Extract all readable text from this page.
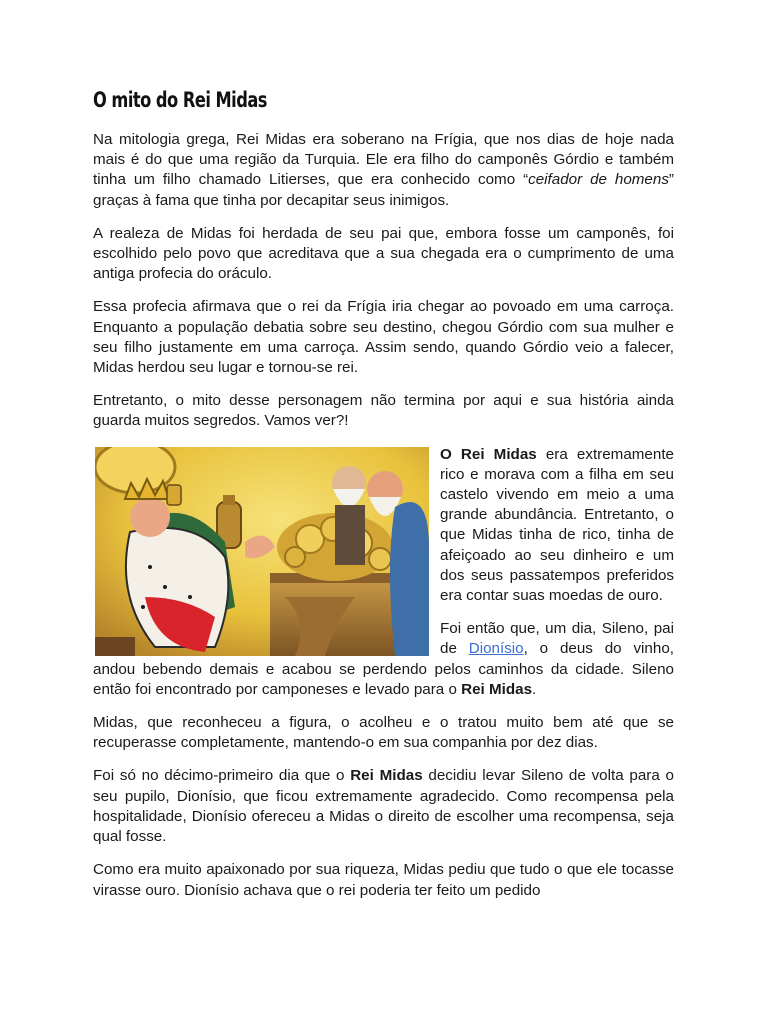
O mito do Rei Midas

Na mitologia grega, Rei Midas era soberano na Frígia, que nos dias de hoje nada mais é do que uma região da Turquia. Ele era filho do camponês Górdio e também tinha um filho chamado Litierses, que era conhecido como “ceifador de homens” graças à fama que tinha por decapitar seus inimigos.

A realeza de Midas foi herdada de seu pai que, embora fosse um camponês, foi escolhido pelo povo que acreditava que a sua chegada era o cumprimento de uma antiga profecia do oráculo.

Essa profecia afirmava que o rei da Frígia iria chegar ao povoado em uma carroça. Enquanto a população debatia sobre seu destino, chegou Górdio com sua mulher e seu filho justamente em uma carroça. Assim sendo, quando Górdio veio a falecer, Midas herdou seu lugar e tornou-se rei.

Entretanto, o mito desse personagem não termina por aqui e sua história ainda guarda muitos segredos. Vamos ver?!

O Rei Midas era extremamente rico e morava com a filha em seu castelo vivendo em meio a uma grande abundância. Entretanto, o que Midas tinha de rico, tinha de afeiçoado ao seu dinheiro e um dos seus passatempos preferidos era contar suas moedas de ouro.

Foi então que, um dia, Sileno, pai de Dionísio, o deus do vinho, andou bebendo demais e acabou se perdendo pelos caminhos da cidade. Sileno então foi encontrado por camponeses e levado para o Rei Midas.

Midas, que reconheceu a figura, o acolheu e o tratou muito bem até que se recuperasse completamente, mantendo-o em sua companhia por dez dias.

Foi só no décimo-primeiro dia que o Rei Midas decidiu levar Sileno de volta para o seu pupilo, Dionísio, que ficou extremamente agradecido. Como recompensa pela hospitalidade, Dionísio ofereceu a Midas o direito de escolher uma recompensa, seja qual fosse.

Como era muito apaixonado por sua riqueza, Midas pediu que tudo o que ele tocasse virasse ouro. Dionísio achava que o rei poderia ter feito um pedido
